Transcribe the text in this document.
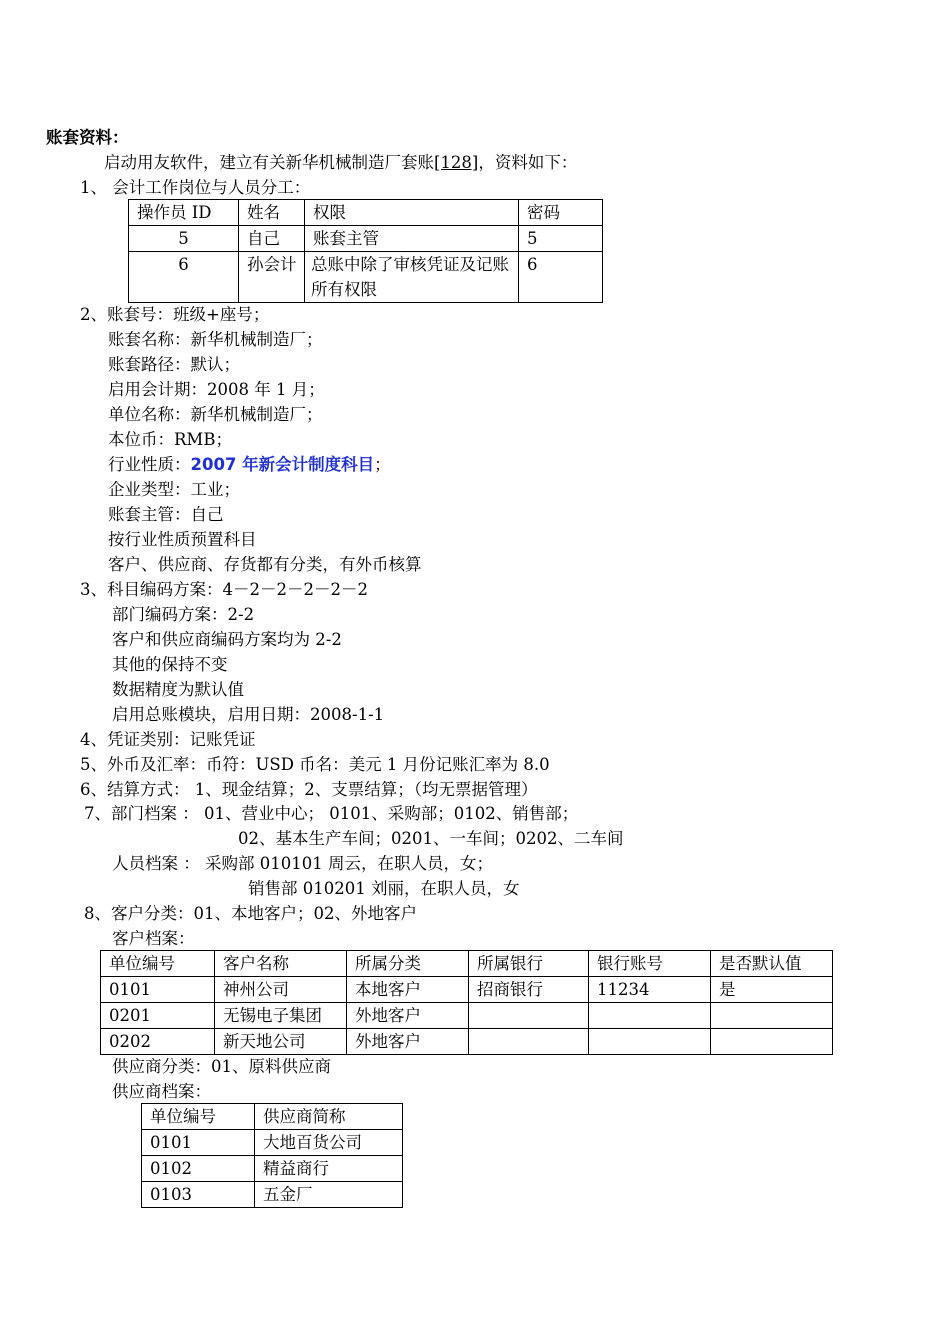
账套资料：
启动用友软件，建立有关新华机械制造厂套账[128]，资料如下：
1、 会计工作岗位与人员分工：
操作员 ID	姓名	权限	密码
5	自己	账套主管	5
6	孙会计	总账中除了审核凭证及记账所有权限	6
2、账套号：班级+座号；
账套名称：新华机械制造厂；
账套路径：默认；
启用会计期：2008 年 1 月；
单位名称：新华机械制造厂；
本位币：RMB；
行业性质：2007 年新会计制度科目；
企业类型：工业；
账套主管：自己
按行业性质预置科目
客户、供应商、存货都有分类，有外币核算
3、科目编码方案：4－2－2－2－2－2
部门编码方案：2-2
客户和供应商编码方案均为 2-2
其他的保持不变
数据精度为默认值
启用总账模块，启用日期：2008-1-1
4、凭证类别：记账凭证
5、外币及汇率：币符：USD 币名：美元 1 月份记账汇率为 8.0
6、结算方式： 1、现金结算；2、支票结算；（均无票据管理）
7、部门档案 ： 01、营业中心； 0101、采购部；0102、销售部；
02、基本生产车间；0201、一车间；0202、二车间
人员档案 ： 采购部 010101 周云，在职人员，女；
销售部 010201 刘丽，在职人员，女
8、客户分类：01、本地客户；02、外地客户
客户档案：
单位编号	客户名称	所属分类	所属银行	银行账号	是否默认值
0101	神州公司	本地客户	招商银行	11234	是
0201	无锡电子集团	外地客户			
0202	新天地公司	外地客户			
供应商分类：01、原料供应商
供应商档案：
单位编号	供应商简称
0101	大地百货公司
0102	精益商行
0103	五金厂
